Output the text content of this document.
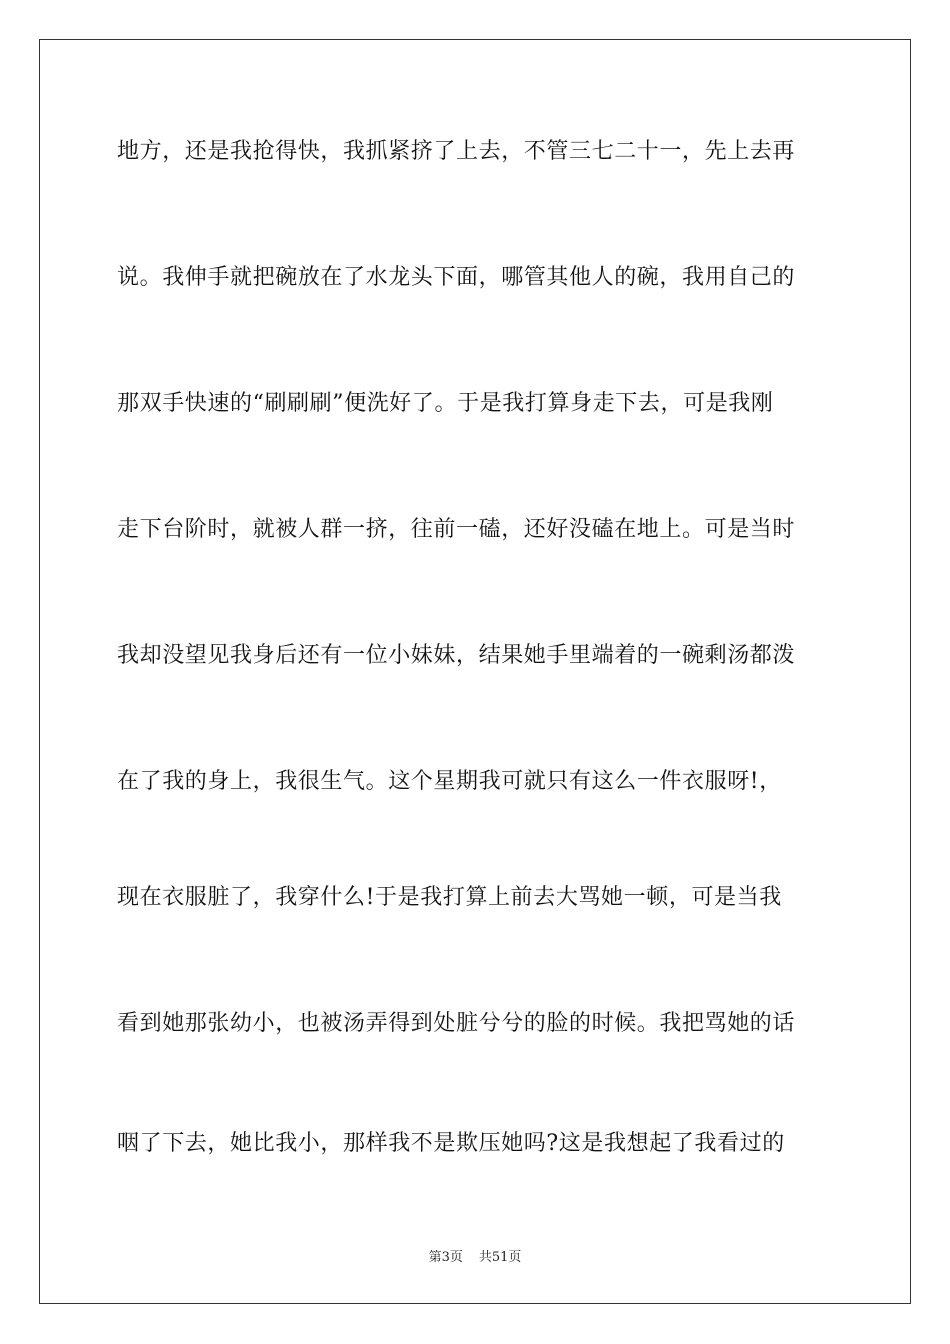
地方，还是我抢得快，我抓紧挤了上去，不管三七二十一，先上去再
说。我伸手就把碗放在了水龙头下面，哪管其他人的碗，我用自己的
那双手快速的“刷刷刷”便洗好了。于是我打算身走下去，可是我刚
走下台阶时，就被人群一挤，往前一磕，还好没磕在地上。可是当时
我却没望见我身后还有一位小妹妹，结果她手里端着的一碗剩汤都泼
在了我的身上，我很生气。这个星期我可就只有这么一件衣服呀!，
现在衣服脏了，我穿什么!于是我打算上前去大骂她一顿，可是当我
看到她那张幼小，也被汤弄得到处脏兮兮的脸的时候。我把骂她的话
咽了下去，她比我小，那样我不是欺压她吗?这是我想起了我看过的
第3页 共51页
